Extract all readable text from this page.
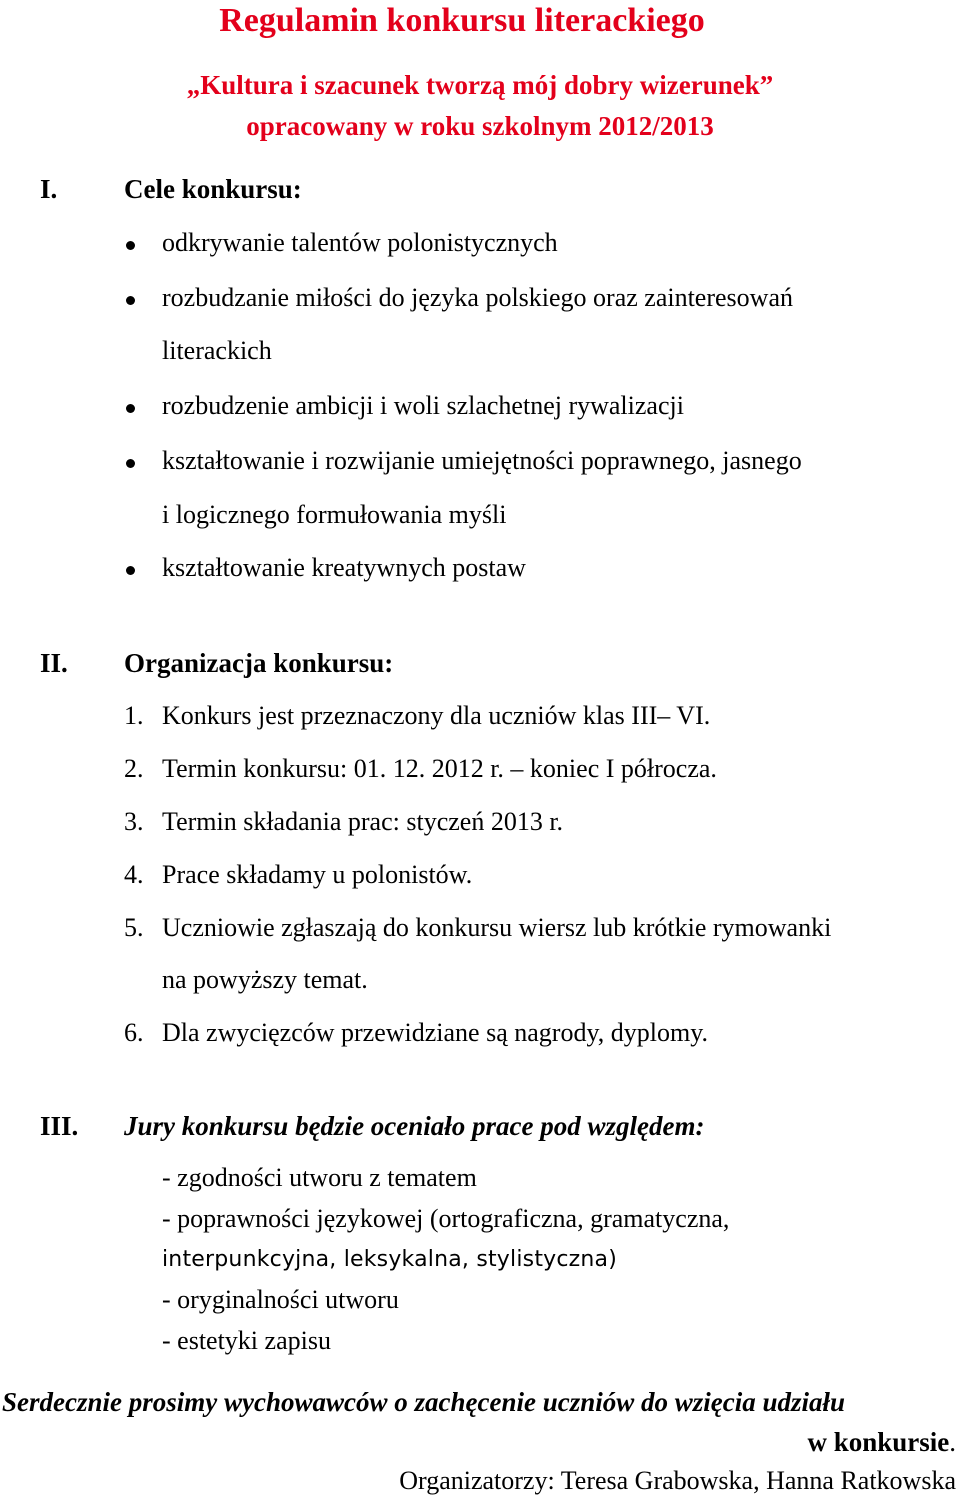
Regulamin konkursu literackiego
„Kultura i szacunek tworzą mój dobry wizerunek”
opracowany w roku szkolnym 2012/2013
I. Cele konkursu:
odkrywanie talentów polonistycznych
rozbudzanie miłości do języka polskiego oraz zainteresowań
literackich
rozbudzenie ambicji i woli szlachetnej rywalizacji
kształtowanie i rozwijanie umiejętności poprawnego, jasnego
i logicznego formułowania myśli
kształtowanie kreatywnych postaw
II. Organizacja konkursu:
1. Konkurs jest przeznaczony dla uczniów klas III– VI.
2. Termin konkursu: 01. 12. 2012 r. – koniec I półrocza.
3. Termin składania prac: styczeń 2013 r.
4. Prace składamy u polonistów.
5. Uczniowie zgłaszają do konkursu wiersz lub krótkie rymowanki
na powyższy temat.
6. Dla zwycięzców przewidziane są nagrody, dyplomy.
III. Jury konkursu będzie oceniało prace pod względem:
- zgodności utworu z tematem
- poprawności językowej (ortograficzna, gramatyczna,
interpunkcyjna, leksykalna, stylistyczna)
- oryginalności utworu
- estetyki zapisu
Serdecznie prosimy wychowawców o zachęcenie uczniów do wzięcia udziału
w konkursie.
Organizatorzy: Teresa Grabowska, Hanna Ratkowska
